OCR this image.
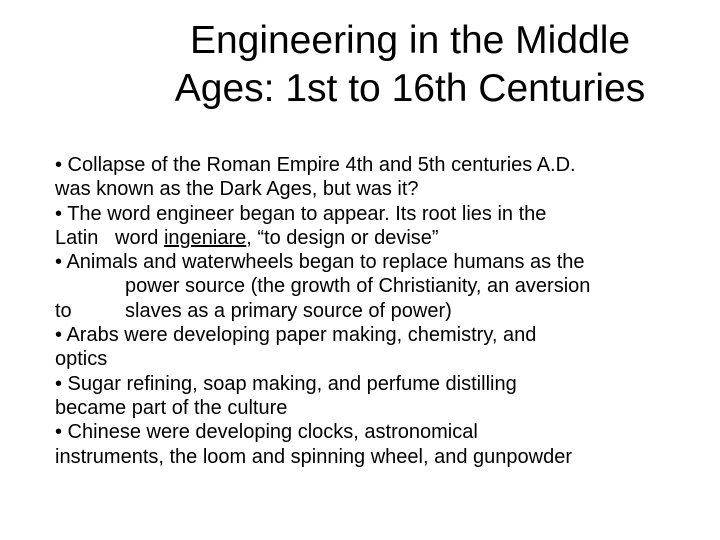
Engineering in the Middle
Ages: 1st to 16th Centuries
• Collapse of the Roman Empire 4th and 5th centuries A.D.
was known as the Dark Ages, but was it?
• The word engineer began to appear. Its root lies in the
Latin   word ingeniare, “to design or devise”
• Animals and waterwheels began to replace humans as the
power source (the growth of Christianity, an aversion
to	slaves as a primary source of power)
• Arabs were developing paper making, chemistry, and
optics
• Sugar refining, soap making, and perfume distilling
became part of the culture
• Chinese were developing clocks, astronomical
instruments, the loom and spinning wheel, and gunpowder
